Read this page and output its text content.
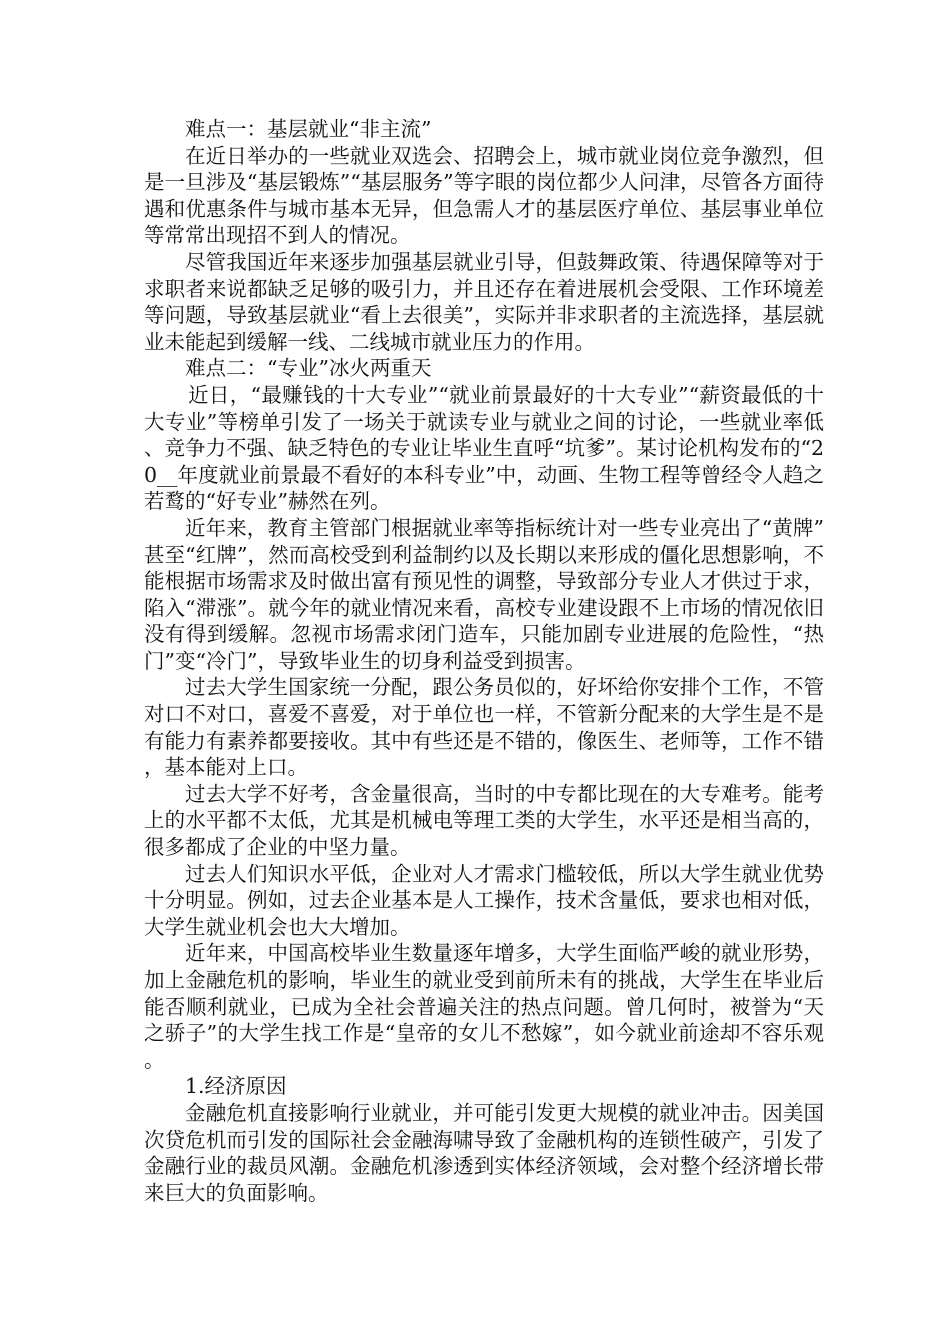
难点一：基层就业“非主流”

在近日举办的一些就业双选会、招聘会上，城市就业岗位竞争激烈，但是一旦涉及“基层锻炼”“基层服务”等字眼的岗位都少人问津，尽管各方面待遇和优惠条件与城市基本无异，但急需人才的基层医疗单位、基层事业单位等常常出现招不到人的情况。

尽管我国近年来逐步加强基层就业引导，但鼓舞政策、待遇保障等对于求职者来说都缺乏足够的吸引力，并且还存在着进展机会受限、工作环境差等问题，导致基层就业“看上去很美”，实际并非求职者的主流选择，基层就业未能起到缓解一线、二线城市就业压力的作用。

难点二：“专业”冰火两重天

近日，“最赚钱的十大专业”“就业前景最好的十大专业”“薪资最低的十大专业”等榜单引发了一场关于就读专业与就业之间的讨论，一些就业率低、竞争力不强、缺乏特色的专业让毕业生直呼“坑爹”。某讨论机构发布的“20__年度就业前景最不看好的本科专业”中，动画、生物工程等曾经令人趋之若鹜的“好专业”赫然在列。

近年来，教育主管部门根据就业率等指标统计对一些专业亮出了“黄牌”甚至“红牌”，然而高校受到利益制约以及长期以来形成的僵化思想影响，不能根据市场需求及时做出富有预见性的调整，导致部分专业人才供过于求，陷入“滞涨”。就今年的就业情况来看，高校专业建设跟不上市场的情况依旧没有得到缓解。忽视市场需求闭门造车，只能加剧专业进展的危险性，“热门”变“冷门”，导致毕业生的切身利益受到损害。

过去大学生国家统一分配，跟公务员似的，好坏给你安排个工作，不管对口不对口，喜爱不喜爱，对于单位也一样，不管新分配来的大学生是不是有能力有素养都要接收。其中有些还是不错的，像医生、老师等，工作不错，基本能对上口。

过去大学不好考，含金量很高，当时的中专都比现在的大专难考。能考上的水平都不太低，尤其是机械电等理工类的大学生，水平还是相当高的，很多都成了企业的中坚力量。

过去人们知识水平低，企业对人才需求门槛较低，所以大学生就业优势十分明显。例如，过去企业基本是人工操作，技术含量低，要求也相对低，大学生就业机会也大大增加。

近年来，中国高校毕业生数量逐年增多，大学生面临严峻的就业形势，加上金融危机的影响，毕业生的就业受到前所未有的挑战，大学生在毕业后能否顺利就业，已成为全社会普遍关注的热点问题。曾几何时，被誉为“天之骄子”的大学生找工作是“皇帝的女儿不愁嫁”，如今就业前途却不容乐观。

1.经济原因

金融危机直接影响行业就业，并可能引发更大规模的就业冲击。因美国次贷危机而引发的国际社会金融海啸导致了金融机构的连锁性破产，引发了金融行业的裁员风潮。金融危机渗透到实体经济领域，会对整个经济增长带来巨大的负面影响。
